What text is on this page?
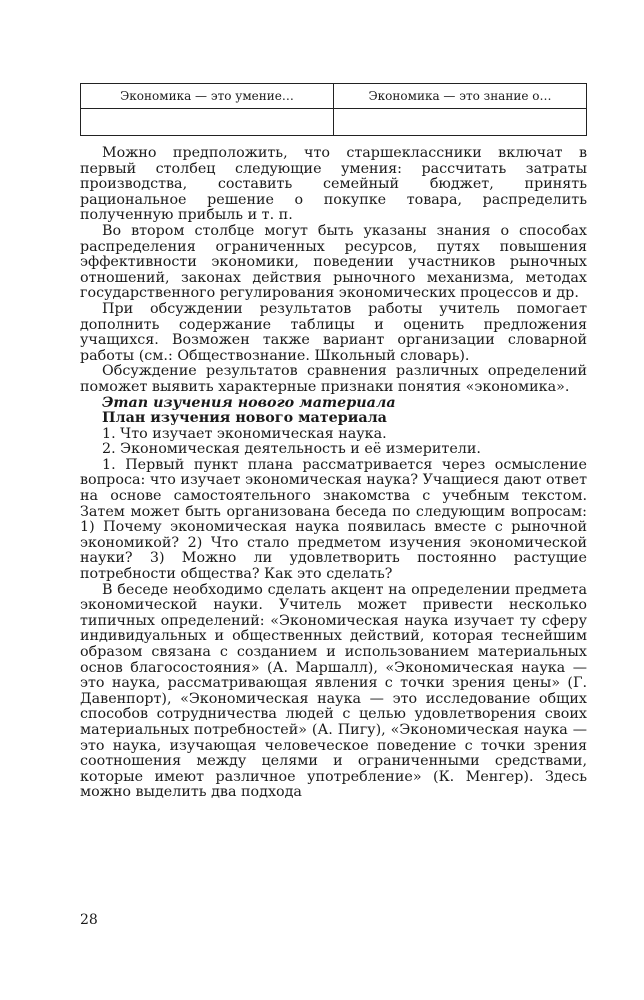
Экономика — это умение…	Экономика — это знание о…

Можно предположить, что старшеклассники включат в первый столбец следующие умения: рассчитать затраты производства, составить семейный бюджет, принять рациональное решение о покупке товара, распределить полученную прибыль и т. п.

Во втором столбце могут быть указаны знания о способах распределения ограниченных ресурсов, путях повышения эффективности экономики, поведении участников рыночных отношений, законах действия рыночного механизма, методах государственного регулирования экономических процессов и др.

При обсуждении результатов работы учитель помогает дополнить содержание таблицы и оценить предложения учащихся. Возможен также вариант организации словарной работы (см.: Обществознание. Школьный словарь).

Обсуждение результатов сравнения различных определений поможет выявить характерные признаки понятия «экономика».

Этап изучения нового материала

План изучения нового материала

1. Что изучает экономическая наука.

2. Экономическая деятельность и её измерители.

1. Первый пункт плана рассматривается через осмысление вопроса: что изучает экономическая наука? Учащиеся дают ответ на основе самостоятельного знакомства с учебным текстом. Затем может быть организована беседа по следующим вопросам: 1) Почему экономическая наука появилась вместе с рыночной экономикой? 2) Что стало предметом изучения экономической науки? 3) Можно ли удовлетворить постоянно растущие потребности общества? Как это сделать?

В беседе необходимо сделать акцент на определении предмета экономической науки. Учитель может привести несколько типичных определений: «Экономическая наука изучает ту сферу индивидуальных и общественных действий, которая теснейшим образом связана с созданием и использованием материальных основ благосостояния» (А. Маршалл), «Экономическая наука — это наука, рассматривающая явления с точки зрения цены» (Г. Давенпорт), «Экономическая наука — это исследование общих способов сотрудничества людей с целью удовлетворения своих материальных потребностей» (А. Пигу), «Экономическая наука — это наука, изучающая человеческое поведение с точки зрения соотношения между целями и ограниченными средствами, которые имеют различное употребление» (К. Менгер). Здесь можно выделить два подхода

28
